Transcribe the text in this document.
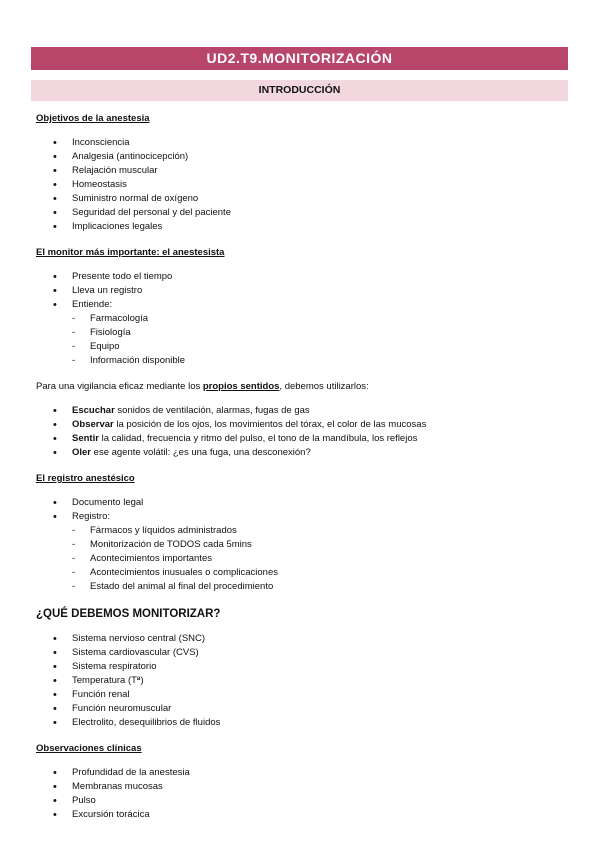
UD2.T9.MONITORIZACIÓN
INTRODUCCIÓN

Objetivos de la anestesia

• Inconsciencia
• Analgesia (antinocicepción)
• Relajación muscular
• Homeostasis
• Suministro normal de oxígeno
• Seguridad del personal y del paciente
• Implicaciones legales

El monitor más importante: el anestesista

• Presente todo el tiempo
• Lleva un registro
• Entiende:
- Farmacología
- Fisiología
- Equipo
- Información disponible

Para una vigilancia eficaz mediante los propios sentidos, debemos utilizarlos:

• Escuchar sonidos de ventilación, alarmas, fugas de gas
• Observar la posición de los ojos, los movimientos del tórax, el color de las mucosas
• Sentir la calidad, frecuencia y ritmo del pulso, el tono de la mandíbula, los reflejos
• Oler ese agente volátil: ¿es una fuga, una desconexión?

El registro anestésico

• Documento legal
• Registro:
- Fármacos y líquidos administrados
- Monitorización de TODOS cada 5mins
- Acontecimientos importantes
- Acontecimientos inusuales o complicaciones
- Estado del animal al final del procedimiento

¿QUÉ DEBEMOS MONITORIZAR?

• Sistema nervioso central (SNC)
• Sistema cardiovascular (CVS)
• Sistema respiratorio
• Temperatura (Tª)
• Función renal
• Función neuromuscular
• Electrolito, desequilibrios de fluidos

Observaciones clínicas

• Profundidad de la anestesia
• Membranas mucosas
• Pulso
• Excursión torácica
